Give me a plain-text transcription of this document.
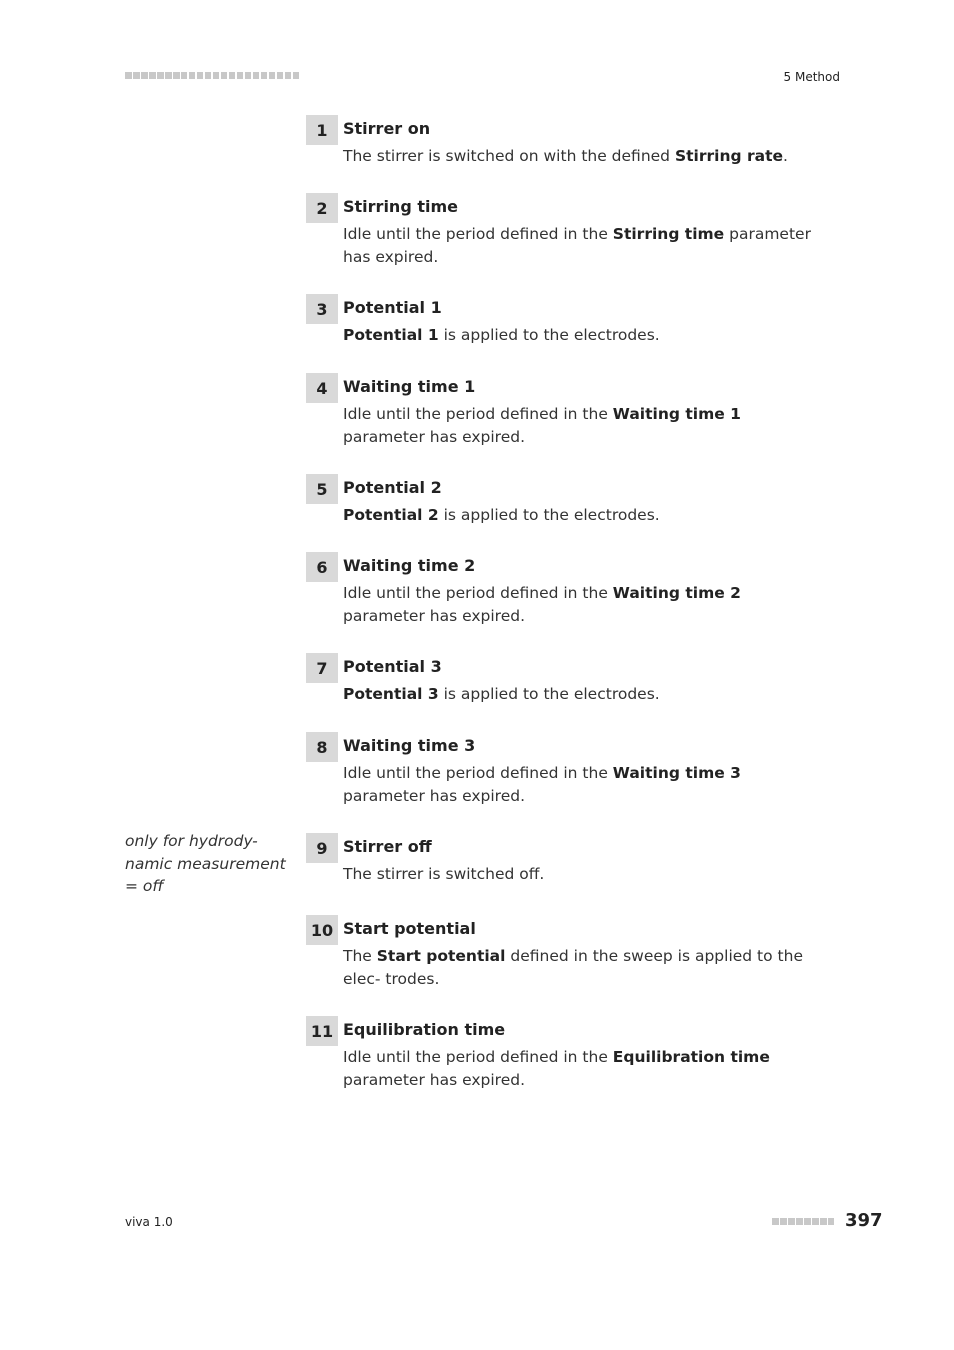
5 Method
only for hydrody- namic measurement = off
1 Stirrer on
The stirrer is switched on with the defined Stirring rate.
2 Stirring time
Idle until the period defined in the Stirring time parameter has expired.
3 Potential 1
Potential 1 is applied to the electrodes.
4 Waiting time 1
Idle until the period defined in the Waiting time 1 parameter has expired.
5 Potential 2
Potential 2 is applied to the electrodes.
6 Waiting time 2
Idle until the period defined in the Waiting time 2 parameter has expired.
7 Potential 3
Potential 3 is applied to the electrodes.
8 Waiting time 3
Idle until the period defined in the Waiting time 3 parameter has expired.
9 Stirrer off
The stirrer is switched off.
10 Start potential
The Start potential defined in the sweep is applied to the elec- trodes.
11 Equilibration time
Idle until the period defined in the Equilibration time parameter has expired.
viva 1.0	397
